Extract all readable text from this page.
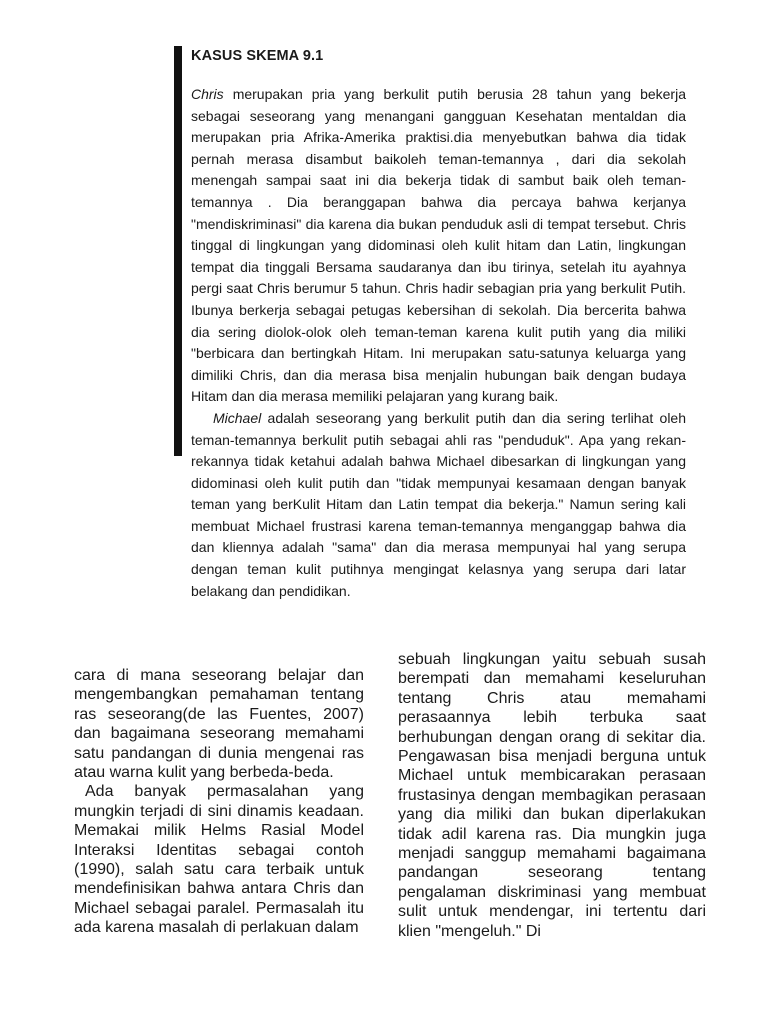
KASUS SKEMA 9.1

Chris merupakan pria yang berkulit putih berusia 28 tahun yang bekerja sebagai seseorang yang menangani gangguan Kesehatan mentaldan dia merupakan pria Afrika-Amerika praktisi.dia menyebutkan bahwa dia tidak pernah merasa disambut baikoleh teman-temannya , dari dia sekolah menengah sampai saat ini dia bekerja tidak di sambut baik oleh teman-temannya . Dia beranggapan bahwa dia percaya bahwa kerjanya "mendiskriminasi" dia karena dia bukan penduduk asli di tempat tersebut. Chris tinggal di lingkungan yang didominasi oleh kulit hitam dan Latin, lingkungan tempat dia tinggali Bersama saudaranya dan ibu tirinya, setelah itu ayahnya pergi saat Chris berumur 5 tahun. Chris hadir sebagian pria yang berkulit Putih. Ibunya berkerja sebagai petugas kebersihan di sekolah. Dia bercerita bahwa dia sering diolok-olok oleh teman-teman karena kulit putih yang dia miliki "berbicara dan bertingkah Hitam. Ini merupakan satu-satunya keluarga yang dimiliki Chris, dan dia merasa bisa menjalin hubungan baik dengan budaya Hitam dan dia merasa memiliki pelajaran yang kurang baik.

Michael adalah seseorang yang berkulit putih dan dia sering terlihat oleh teman-temannya berkulit putih sebagai ahli ras "penduduk". Apa yang rekan-rekannya tidak ketahui adalah bahwa Michael dibesarkan di lingkungan yang didominasi oleh kulit putih dan "tidak mempunyai kesamaan dengan banyak teman yang berKulit Hitam dan Latin tempat dia bekerja." Namun sering kali membuat Michael frustrasi karena teman-temannya menganggap bahwa dia dan kliennya adalah "sama" dan dia merasa mempunyai hal yang serupa dengan teman kulit putihnya mengingat kelasnya yang serupa dari latar belakang dan pendidikan.

cara di mana seseorang belajar dan mengembangkan pemahaman tentang ras seseorang(de las Fuentes, 2007) dan bagaimana seseorang memahami satu pandangan di dunia mengenai ras atau warna kulit yang berbeda-beda.

Ada banyak permasalahan yang mungkin terjadi di sini dinamis keadaan. Memakai milik Helms Rasial Model Interaksi Identitas sebagai contoh (1990), salah satu cara terbaik untuk mendefinisikan bahwa antara Chris dan Michael sebagai paralel. Permasalah itu ada karena masalah di perlakuan dalam

sebuah lingkungan yaitu sebuah susah berempati dan memahami keseluruhan tentang Chris atau memahami perasaannya lebih terbuka saat berhubungan dengan orang di sekitar dia. Pengawasan bisa menjadi berguna untuk Michael untuk membicarakan perasaan frustasinya dengan membagikan perasaan yang dia miliki dan bukan diperlakukan tidak adil karena ras. Dia mungkin juga menjadi sanggup memahami bagaimana pandangan seseorang tentang pengalaman diskriminasi yang membuat sulit untuk mendengar, ini tertentu dari klien "mengeluh." Di
